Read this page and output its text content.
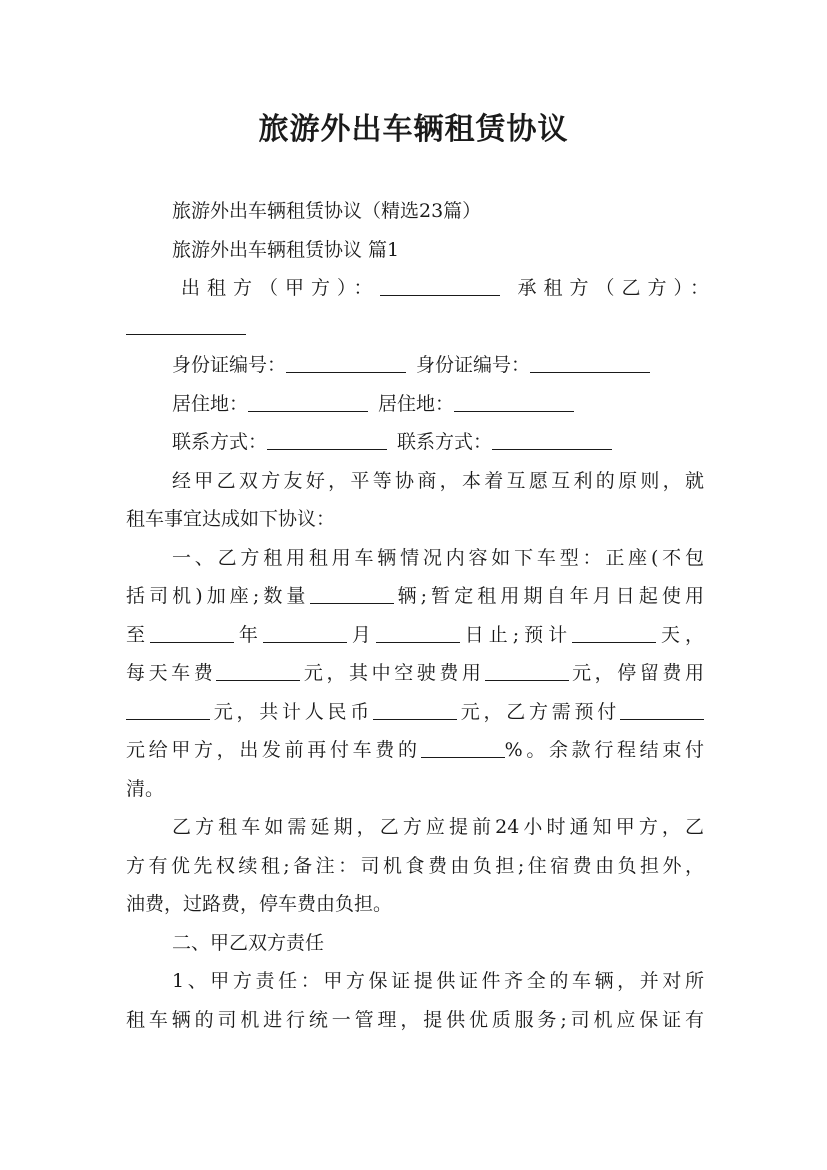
旅游外出车辆租赁协议
旅游外出车辆租赁协议（精选23篇）
旅游外出车辆租赁协议 篇1
出租方（甲方）：	承租方（乙方）：
身份证编号：	身份证编号：
居住地：	居住地：
联系方式：	联系方式：
经甲乙双方友好，平等协商，本着互愿互利的原则，就
租车事宜达成如下协议：
一、乙方租用租用车辆情况内容如下车型：正座(不包
括司机)加座;数量	辆;暂定租用期自年月日起使用
至	年	月	日止;预计	天，
每天车费	元，其中空驶费用	元，停留费用
元，共计人民币	元，乙方需预付
元给甲方，出发前再付车费的	%。余款行程结束付
清。
乙方租车如需延期，乙方应提前24小时通知甲方，乙
方有优先权续租;备注：司机食费由负担;住宿费由负担外，
油费，过路费，停车费由负担。
二、甲乙双方责任
1、甲方责任：甲方保证提供证件齐全的车辆，并对所
租车辆的司机进行统一管理，提供优质服务;司机应保证有
